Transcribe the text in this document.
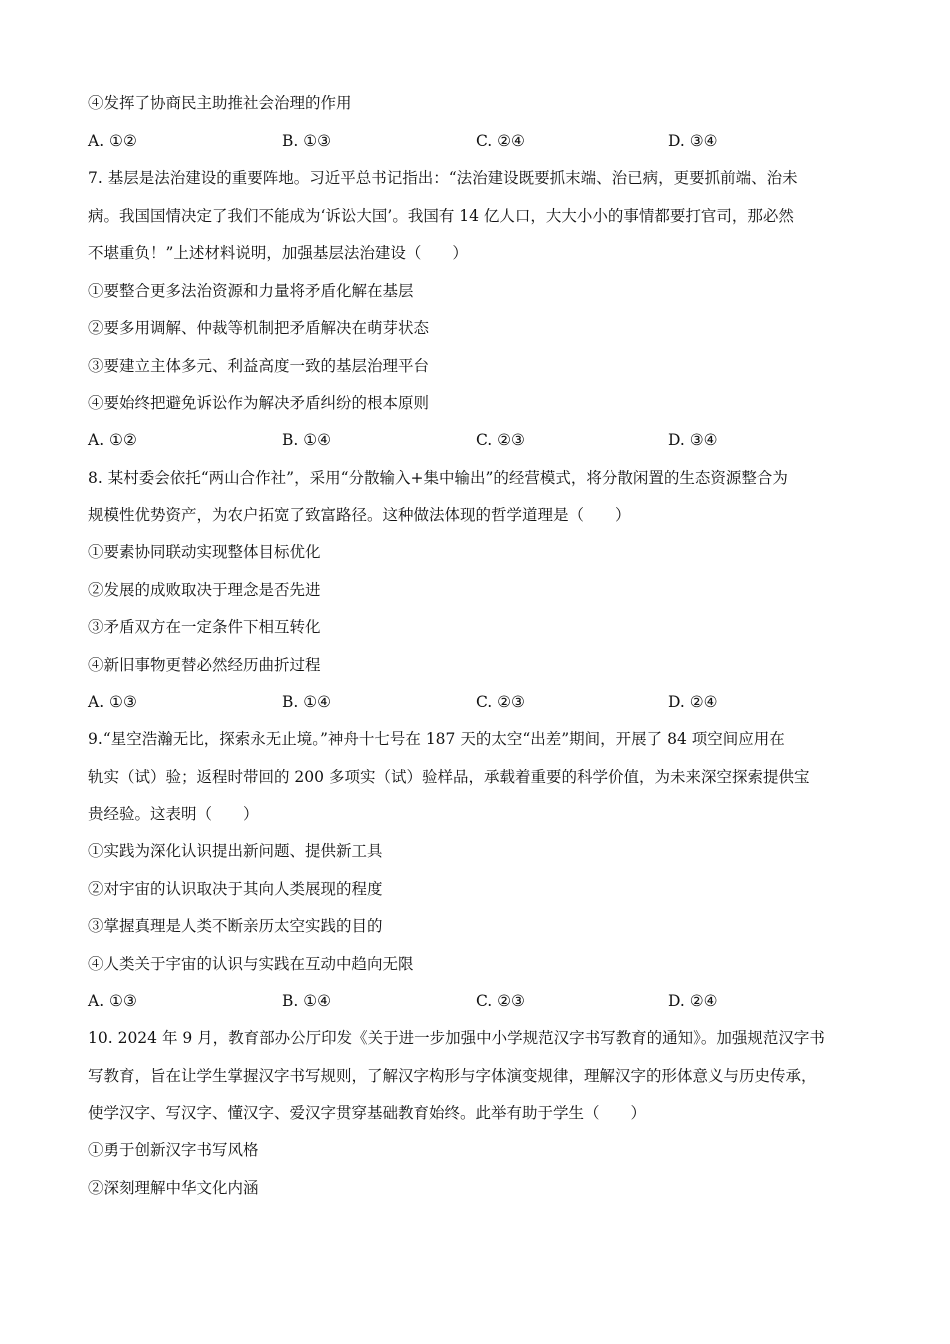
④发挥了协商民主助推社会治理的作用
A. ①②	B. ①③	C. ②④	D. ③④
7. 基层是法治建设的重要阵地。习近平总书记指出：“法治建设既要抓末端、治已病，更要抓前端、治未
病。我国国情决定了我们不能成为‘诉讼大国’。我国有 14 亿人口，大大小小的事情都要打官司，那必然
不堪重负！”上述材料说明，加强基层法治建设（　　）
①要整合更多法治资源和力量将矛盾化解在基层
②要多用调解、仲裁等机制把矛盾解决在萌芽状态
③要建立主体多元、利益高度一致的基层治理平台
④要始终把避免诉讼作为解决矛盾纠纷的根本原则
A. ①②	B. ①④	C. ②③	D. ③④
8. 某村委会依托“两山合作社”，采用“分散输入+集中输出”的经营模式，将分散闲置的生态资源整合为
规模性优势资产，为农户拓宽了致富路径。这种做法体现的哲学道理是（　　）
①要素协同联动实现整体目标优化
②发展的成败取决于理念是否先进
③矛盾双方在一定条件下相互转化
④新旧事物更替必然经历曲折过程
A. ①③	B. ①④	C. ②③	D. ②④
9.“星空浩瀚无比，探索永无止境。”神舟十七号在 187 天的太空“出差”期间，开展了 84 项空间应用在
轨实（试）验；返程时带回的 200 多项实（试）验样品，承载着重要的科学价值，为未来深空探索提供宝
贵经验。这表明（　　）
①实践为深化认识提出新问题、提供新工具
②对宇宙的认识取决于其向人类展现的程度
③掌握真理是人类不断亲历太空实践的目的
④人类关于宇宙的认识与实践在互动中趋向无限
A. ①③	B. ①④	C. ②③	D. ②④
10. 2024 年 9 月，教育部办公厅印发《关于进一步加强中小学规范汉字书写教育的通知》。加强规范汉字书
写教育，旨在让学生掌握汉字书写规则，了解汉字构形与字体演变规律，理解汉字的形体意义与历史传承，
使学汉字、写汉字、懂汉字、爱汉字贯穿基础教育始终。此举有助于学生（　　）
①勇于创新汉字书写风格
②深刻理解中华文化内涵
